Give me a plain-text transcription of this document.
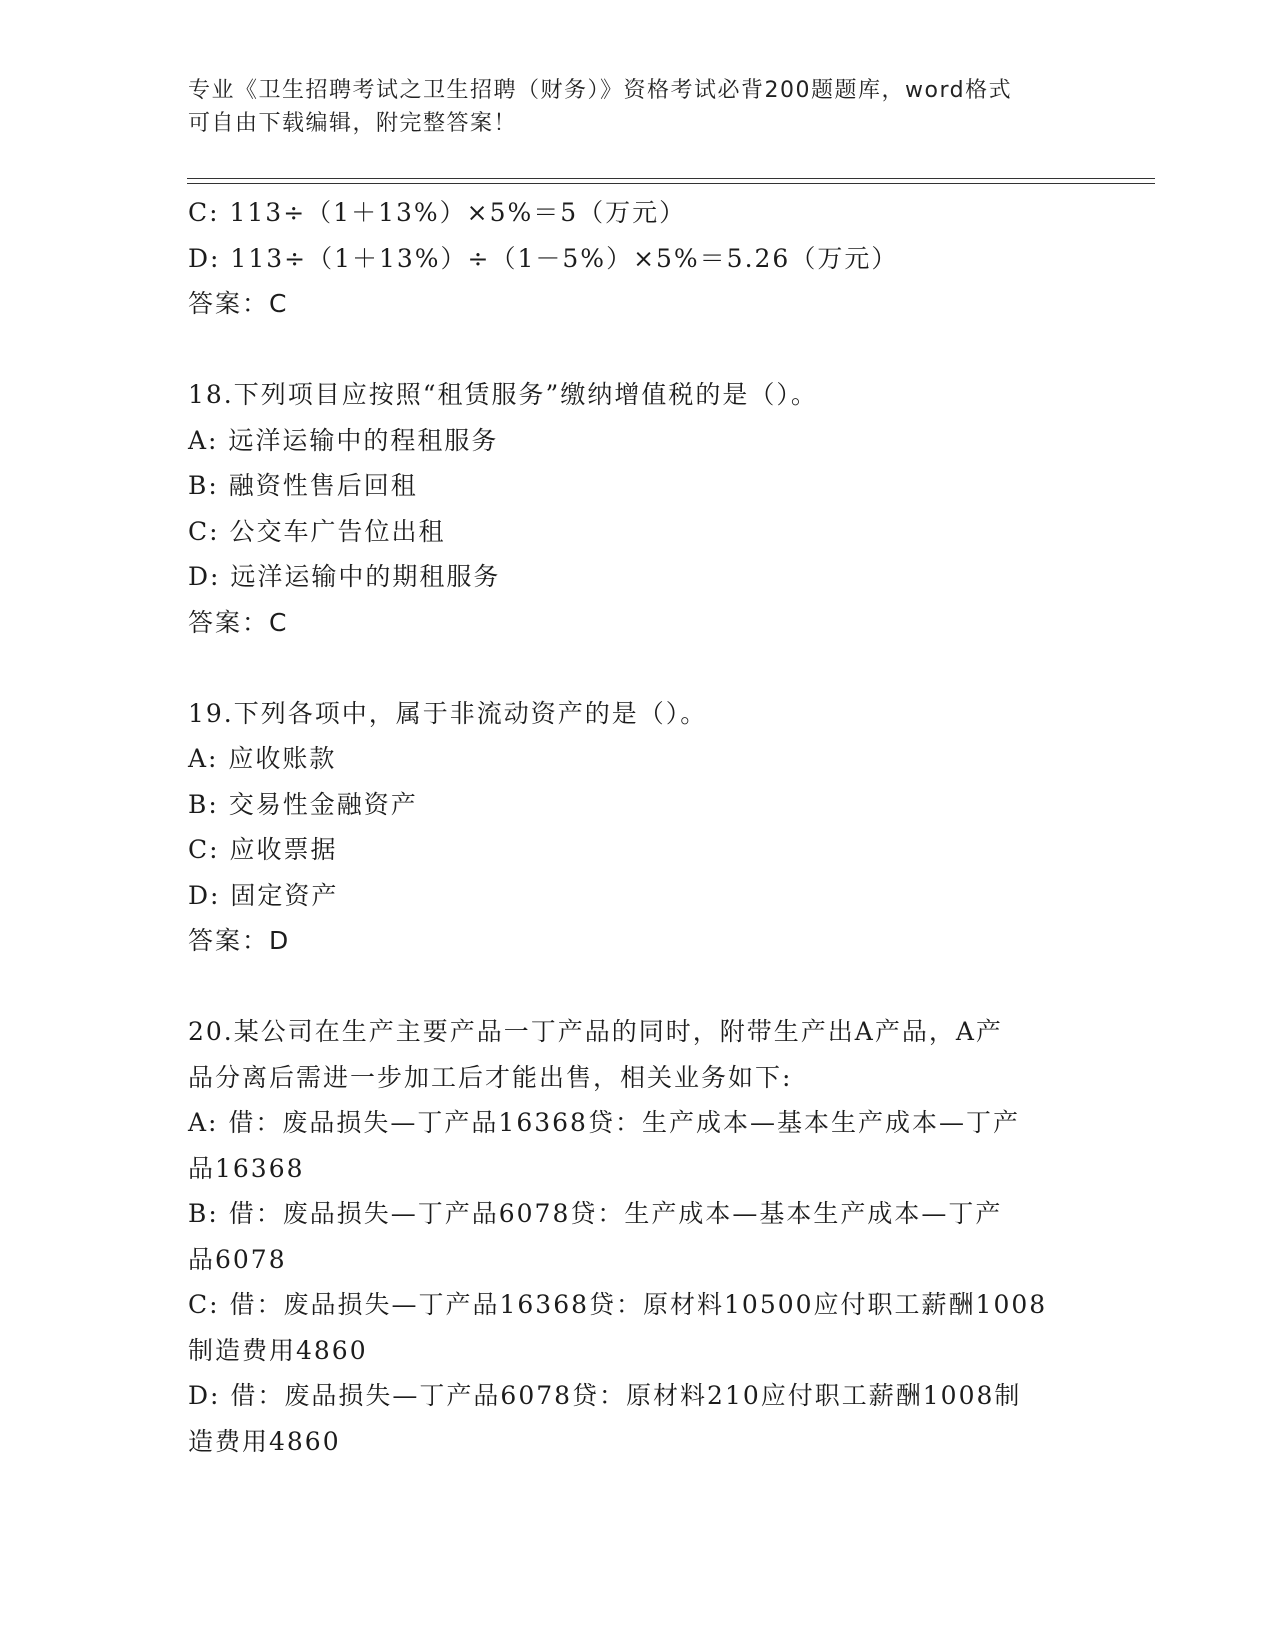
专业《卫生招聘考试之卫生招聘（财务）》资格考试必背200题题库，word格式
可自由下载编辑，附完整答案！

C: 113÷（1＋13%）×5%＝5（万元）

D: 113÷（1＋13%）÷（1－5%）×5%＝5.26（万元）

答案：C

18.下列项目应按照“租赁服务”缴纳增值税的是（）。

A: 远洋运输中的程租服务

B: 融资性售后回租

C: 公交车广告位出租

D: 远洋运输中的期租服务

答案：C

19.下列各项中，属于非流动资产的是（）。

A: 应收账款

B: 交易性金融资产

C: 应收票据

D: 固定资产

答案：D

20.某公司在生产主要产品一丁产品的同时，附带生产出A产品，A产

品分离后需进一步加工后才能出售，相关业务如下:

A: 借：废品损失—丁产品16368贷：生产成本—基本生产成本—丁产

品16368

B: 借：废品损失—丁产品6078贷：生产成本—基本生产成本—丁产

品6078

C: 借：废品损失—丁产品16368贷：原材料10500应付职工薪酬1008

制造费用4860

D: 借：废品损失—丁产品6078贷：原材料210应付职工薪酬1008制

造费用4860
